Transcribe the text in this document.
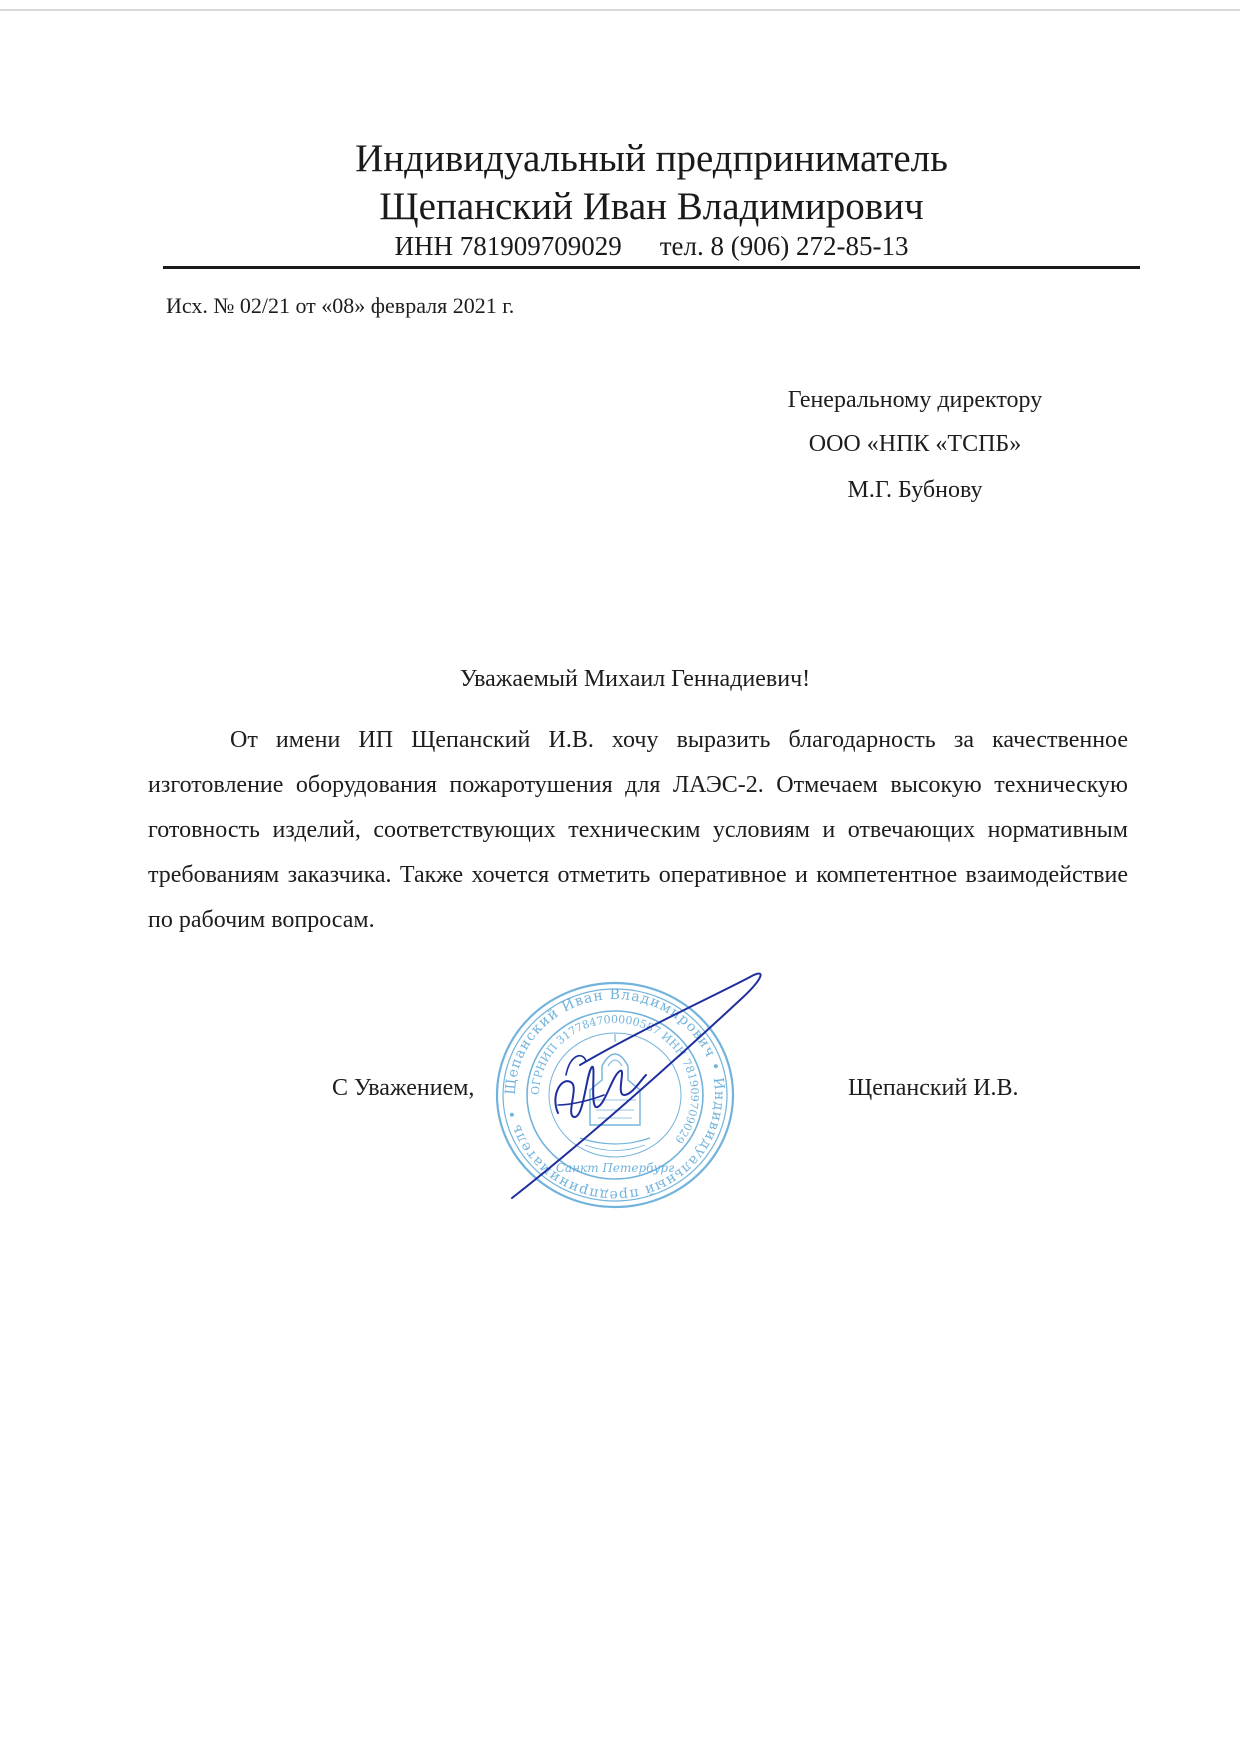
Индивидуальный предприниматель
Щепанский Иван Владимирович
ИНН 781909709029 тел. 8 (906) 272-85-13
Исх. № 02/21 от «08» февраля 2021 г.
Генеральному директору
ООО «НПК «ТСПБ»
М.Г. Бубнову
Уважаемый Михаил Геннадиевич!
От имени ИП Щепанский И.В. хочу выразить благодарность за качественное изготовление оборудования пожаротушения для ЛАЭС-2. Отмечаем высокую техническую готовность изделий, соответствующих техническим условиям и отвечающих нормативным требованиям заказчика. Также хочется отметить оперативное и компетентное взаимодействие по рабочим вопросам.
С Уважением,	Щепанский И.В.
Щепанский Иван Владимирович • Индивидуальный предприниматель •
ОГРНИП 317784700000587 ИНН 781909709029
Санкт Петербург
